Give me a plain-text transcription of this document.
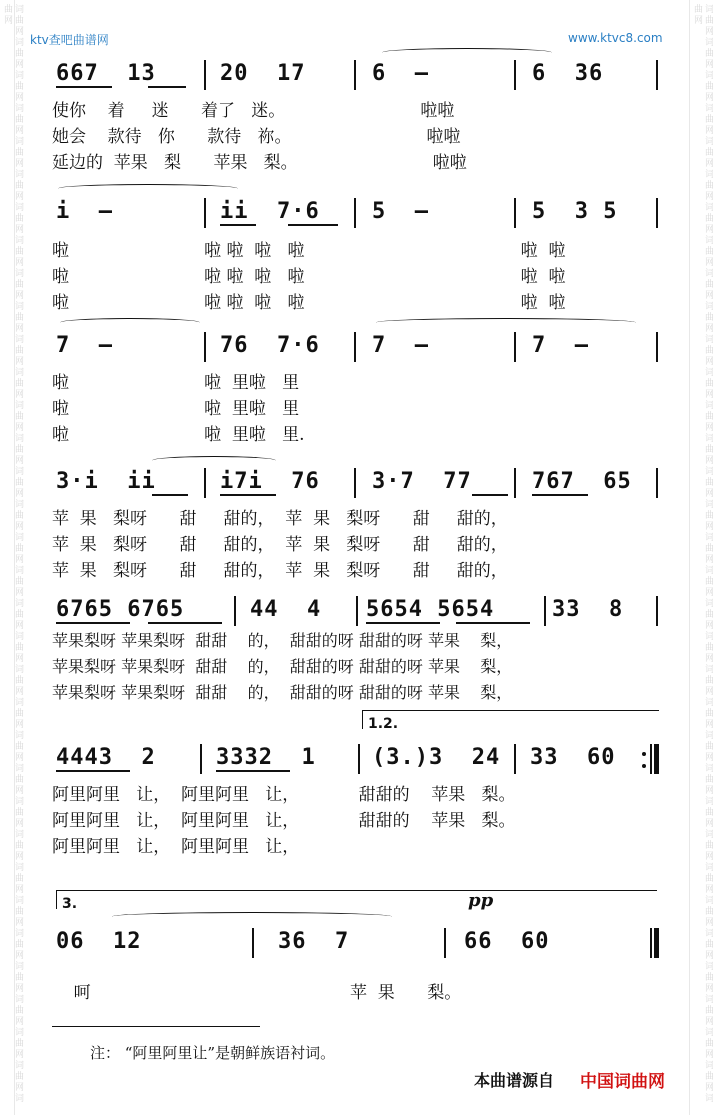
词曲网词曲网词曲网词曲网词曲网词曲网词曲网词曲网词曲网词曲网词曲网词曲网词曲网词曲网词曲网词曲网词曲网词曲网词曲网词曲网词曲网词曲网词曲网词曲网词曲网词曲网词曲网词曲网词曲网词曲网词曲网词曲网词曲网词曲网	词曲网词曲网词曲网词曲网词曲网词曲网词曲网词曲网词曲网词曲网词曲网词曲网词曲网词曲网词曲网词曲网词曲网词曲网词曲网词曲网词曲网词曲网词曲网词曲网词曲网词曲网词曲网词曲网词曲网词曲网词曲网词曲网词曲网词曲网
ktv查吧曲谱网	www.ktvc8.com
667  13	20  17	6  —	6  36
使你    着     迷      着了   迷。                         啦啦
她会    款待   你      款待   祢。                         啦啦
延边的  苹果   梨      苹果   梨。                         啦啦
i  —	ii  7·6 5  —	5  3 5
啦                         啦 啦  啦   啦                                        啦  啦
啦                         啦 啦  啦   啦                                        啦  啦
啦                         啦 啦  啦   啦                                        啦  啦
7  —	76  7·6 7  —	7  —
啦                         啦  里啦   里
啦                         啦  里啦   里
啦                         啦  里啦   里.
3·i  ii	i7i  76 3·7  77	767  65
苹  果   梨呀      甜     甜的，  苹  果   梨呀      甜     甜的，
苹  果   梨呀      甜     甜的，  苹  果   梨呀      甜     甜的，
苹  果   梨呀      甜     甜的，  苹  果   梨呀      甜     甜的，
6765 6765	44  4 5654 5654	33  8
苹果梨呀 苹果梨呀  甜甜    的，  甜甜的呀 甜甜的呀 苹果    梨，
苹果梨呀 苹果梨呀  甜甜    的，  甜甜的呀 甜甜的呀 苹果    梨，
苹果梨呀 苹果梨呀  甜甜    的，  甜甜的呀 甜甜的呀 苹果    梨，
1.2.
4443  2	3332  1	(3.)3  24 33  60
阿里阿里   让，  阿里阿里   让，           甜甜的    苹果   梨。
阿里阿里   让，  阿里阿里   让，           甜甜的    苹果   梨。
阿里阿里   让，  阿里阿里   让，
3.	pp
06  12	36  7	66  60
呵                                                苹  果      梨。
注： “阿里阿里让”是朝鲜族语衬词。
本曲谱源自 中国词曲网
